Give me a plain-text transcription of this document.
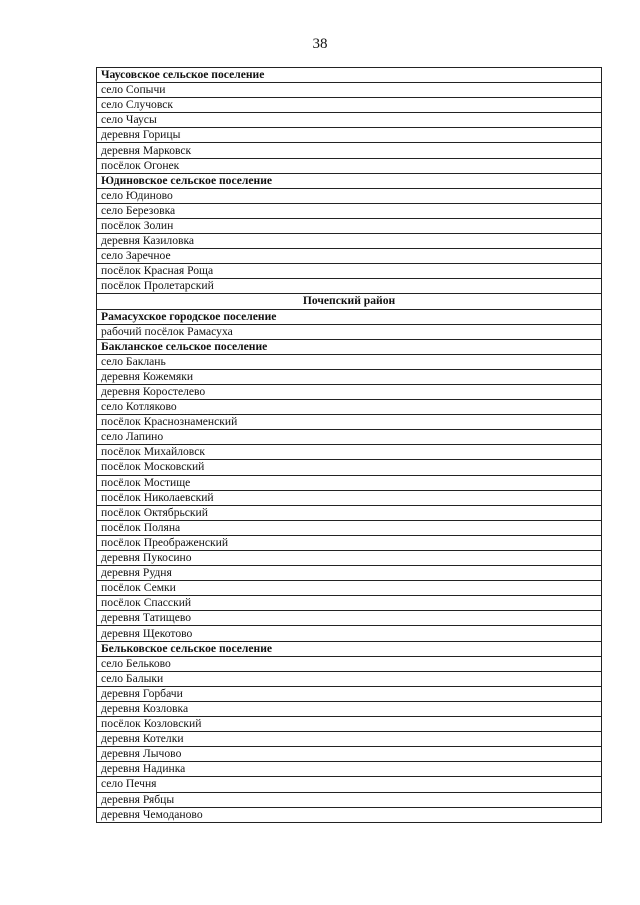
38
Чаусовское сельское поселение
село Сопычи
село Случовск
село Чаусы
деревня Горицы
деревня Марковск
посёлок Огонек
Юдиновское сельское поселение
село Юдиново
село Березовка
посёлок Золин
деревня Казиловка
село Заречное
посёлок Красная Роща
посёлок Пролетарский
Почепский район
Рамасухское городское поселение
рабочий посёлок Рамасуха
Бакланское сельское поселение
село Баклань
деревня Кожемяки
деревня Коростелево
село Котляково
посёлок Краснознаменский
село Лапино
посёлок Михайловск
посёлок Московский
посёлок Мостище
посёлок Николаевский
посёлок Октябрьский
посёлок Поляна
посёлок Преображенский
деревня Пукосино
деревня Рудня
посёлок Семки
посёлок Спасский
деревня Татищево
деревня Щекотово
Бельковское сельское поселение
село Бельково
село Балыки
деревня Горбачи
деревня Козловка
посёлок Козловский
деревня Котелки
деревня Лычово
деревня Надинка
село Печня
деревня Рябцы
деревня Чемоданово
